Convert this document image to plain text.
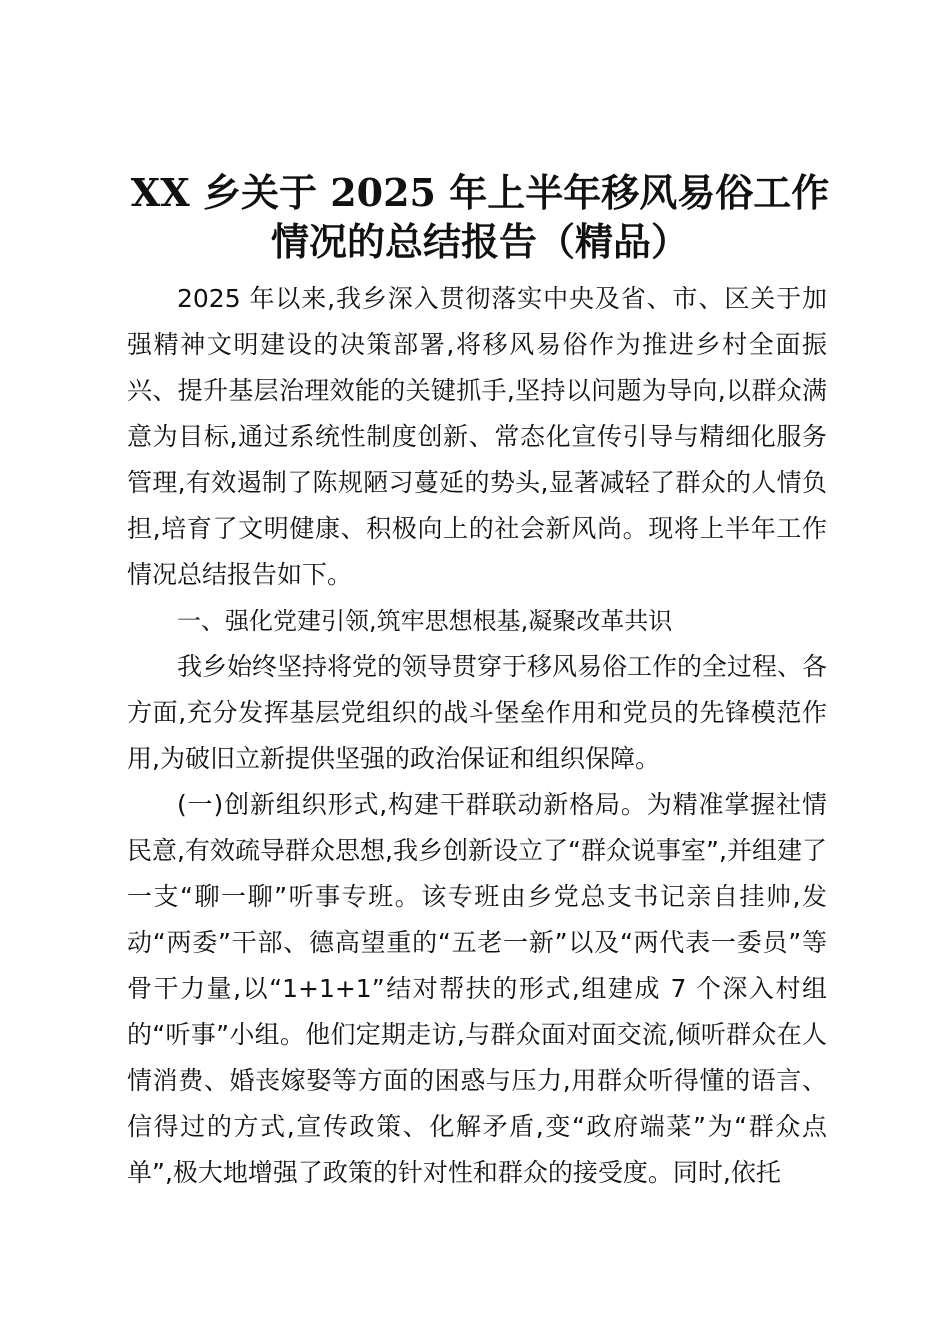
XX 乡关于 2025 年上半年移风易俗工作
情况的总结报告（精品）

2025 年以来,我乡深入贯彻落实中央及省、市、区关于加强精神文明建设的决策部署,将移风易俗作为推进乡村全面振兴、提升基层治理效能的关键抓手,坚持以问题为导向,以群众满意为目标,通过系统性制度创新、常态化宣传引导与精细化服务管理,有效遏制了陈规陋习蔓延的势头,显著减轻了群众的人情负担,培育了文明健康、积极向上的社会新风尚。现将上半年工作情况总结报告如下。

一、强化党建引领,筑牢思想根基,凝聚改革共识

我乡始终坚持将党的领导贯穿于移风易俗工作的全过程、各方面,充分发挥基层党组织的战斗堡垒作用和党员的先锋模范作用,为破旧立新提供坚强的政治保证和组织保障。

(一)创新组织形式,构建干群联动新格局。为精准掌握社情民意,有效疏导群众思想,我乡创新设立了“群众说事室”,并组建了一支“聊一聊”听事专班。该专班由乡党总支书记亲自挂帅,发动“两委”干部、德高望重的“五老一新”以及“两代表一委员”等骨干力量,以“1+1+1”结对帮扶的形式,组建成 7 个深入村组的“听事”小组。他们定期走访,与群众面对面交流,倾听群众在人情消费、婚丧嫁娶等方面的困惑与压力,用群众听得懂的语言、信得过的方式,宣传政策、化解矛盾,变“政府端菜”为“群众点单”,极大地增强了政策的针对性和群众的接受度。同时,依托
